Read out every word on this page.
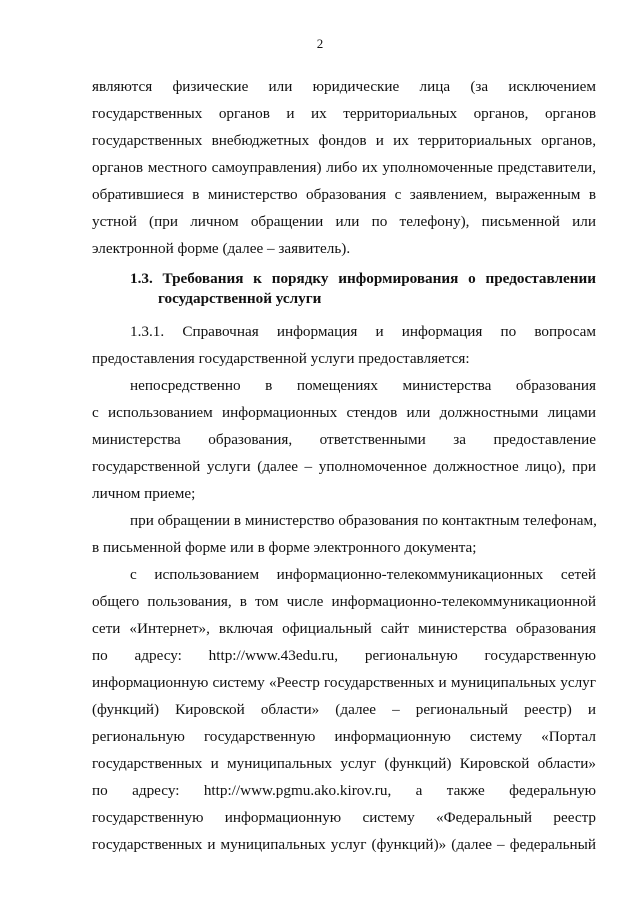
2
являются физические или юридические лица (за исключением
государственных органов и их территориальных органов, органов
государственных внебюджетных фондов и их территориальных органов,
органов местного самоуправления) либо их уполномоченные представители,
обратившиеся в министерство образования с заявлением, выраженным в
устной (при личном обращении или по телефону), письменной или
электронной форме (далее – заявитель).
1.3. Требования к порядку информирования о предоставлении
государственной услуги
1.3.1. Справочная информация и информация по вопросам
предоставления государственной услуги предоставляется:
непосредственно в помещениях министерства образования
с использованием информационных стендов или должностными лицами
министерства образования, ответственными за предоставление
государственной услуги (далее – уполномоченное должностное лицо), при
личном приеме;
при обращении в министерство образования по контактным телефонам,
в письменной форме или в форме электронного документа;
с использованием информационно-телекоммуникационных сетей
общего пользования, в том числе информационно-телекоммуникационной
сети «Интернет», включая официальный сайт министерства образования
по адресу: http://www.43edu.ru, региональную государственную
информационную систему «Реестр государственных и муниципальных услуг
(функций) Кировской области» (далее – региональный реестр) и
региональную государственную информационную систему «Портал
государственных и муниципальных услуг (функций) Кировской области»
по адресу: http://www.pgmu.ako.kirov.ru, а также федеральную
государственную информационную систему «Федеральный реестр
государственных и муниципальных услуг (функций)» (далее – федеральный
